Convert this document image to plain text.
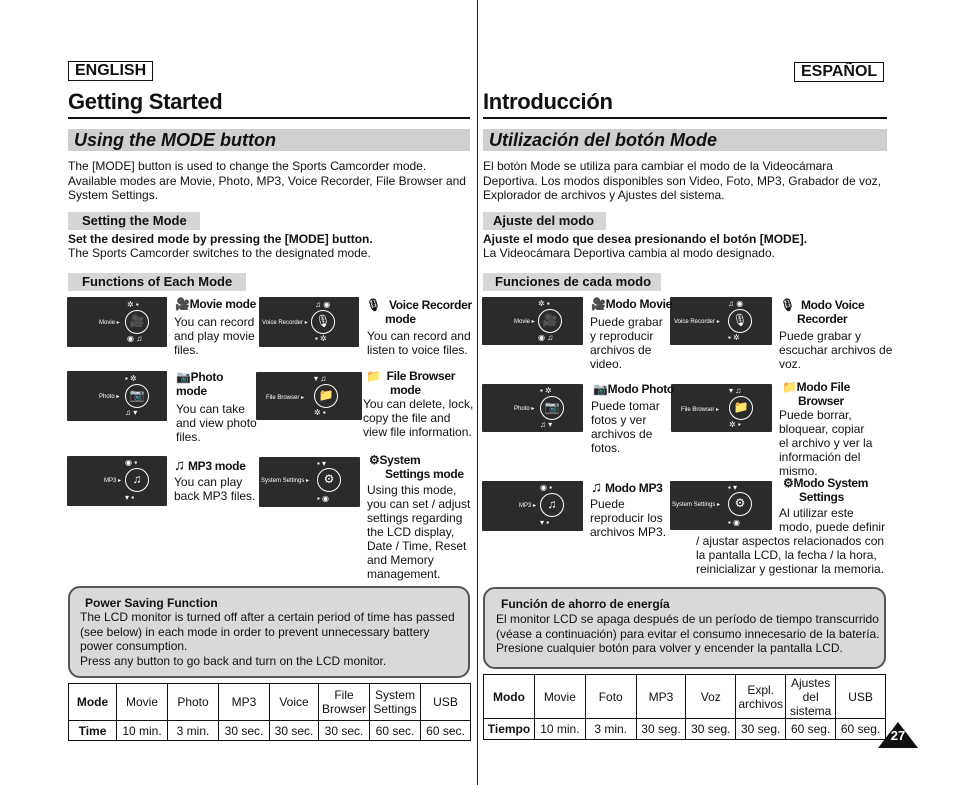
ENGLISH
Getting Started
Using the MODE button
The [MODE] button is used to change the Sports Camcorder mode.
Available modes are Movie, Photo, MP3, Voice Recorder, File Browser and
System Settings.
Setting the Mode
Set the desired mode by pressing the [MODE] button.
The Sports Camcorder switches to the designated mode.
Functions of Each Mode
Movie ▸ 🎥
✲ ▪
◉ ♫
Voice Recorder ▸ 🎙
♫ ◉
▪ ✲
Photo ▸ 📷
▪ ✲
♫ ▾
File Browser ▸	📁
▾ ♫
✲ ▪
MP3 ▸ ♫
◉ ▪
▾ ▪
System Settings ▸	⚙
▪ ▾
▪ ◉
🎥Movie mode
You can record
and play movie
files.
🎙 Voice Recorder
mode
You can record and
listen to voice files.
📷Photo
mode
You can take
and view photo
files.
📁 File Browser
mode
You can delete, lock,
copy the file and
view file information.
♫ MP3 mode
You can play
back MP3 files.
⚙System
Settings mode
Using this mode,
you can set / adjust
settings regarding
the LCD display,
Date / Time, Reset
and Memory
management.
Power Saving Function
The LCD monitor is turned off after a certain period of time has passed
(see below) in each mode in order to prevent unnecessary battery
power consumption.
Press any button to go back and turn on the LCD monitor.
Mode	Movie	Photo	MP3	Voice	File Browser	System Settings	USB
Time	10 min.	3 min.	30 sec.	30 sec.	30 sec.	60 sec.	60 sec.
ESPAÑOL
Introducción
Utilización del botón Mode
El botón Mode se utiliza para cambiar el modo de la Videocámara
Deportiva. Los modos disponibles son Video, Foto, MP3, Grabador de voz,
Explorador de archivos y Ajustes del sistema.
Ajuste del modo
Ajuste el modo que desea presionando el botón [MODE].
La Videocámara Deportiva cambia al modo designado.
Funciones de cada modo
Movie ▸ 🎥
✲ ▪
◉ ♫
Voice Recorder ▸	🎙
♫ ◉
▪ ✲
Photo ▸ 📷
▪ ✲
♫ ▾
File Browser ▸	📁
▾ ♫
✲ ▪
MP3 ▸ ♫
◉ ▪
▾ ▪
System Settings ▸	⚙
▪ ▾
▪ ◉
🎥Modo Movie
Puede grabar
y reproducir
archivos de
video.
🎙 Modo Voice
Recorder
Puede grabar y
escuchar archivos de
voz.
📷Modo Photo
Puede tomar
fotos y ver
archivos de
fotos.
📁Modo File
Browser
Puede borrar,
bloquear, copiar
el archivo y ver la
información del
mismo.
♫ Modo MP3
Puede
reproducir los
archivos MP3.
⚙Modo System
Settings
Al utilizar este
modo, puede definir
/ ajustar aspectos relacionados con
la pantalla LCD, la fecha / la hora,
reinicializar y gestionar la memoria.
Función de ahorro de energía
El monitor LCD se apaga después de un período de tiempo transcurrido
(véase a continuación) para evitar el consumo innecesario de la batería.
Presione cualquier botón para volver y encender la pantalla LCD.
Modo	Movie	Foto	MP3	Voz	Expl. archivos	Ajustes del sistema	USB
Tiempo	10 min.	3 min.	30 seg.	30 seg.	30 seg.	60 seg.	60 seg. 27
